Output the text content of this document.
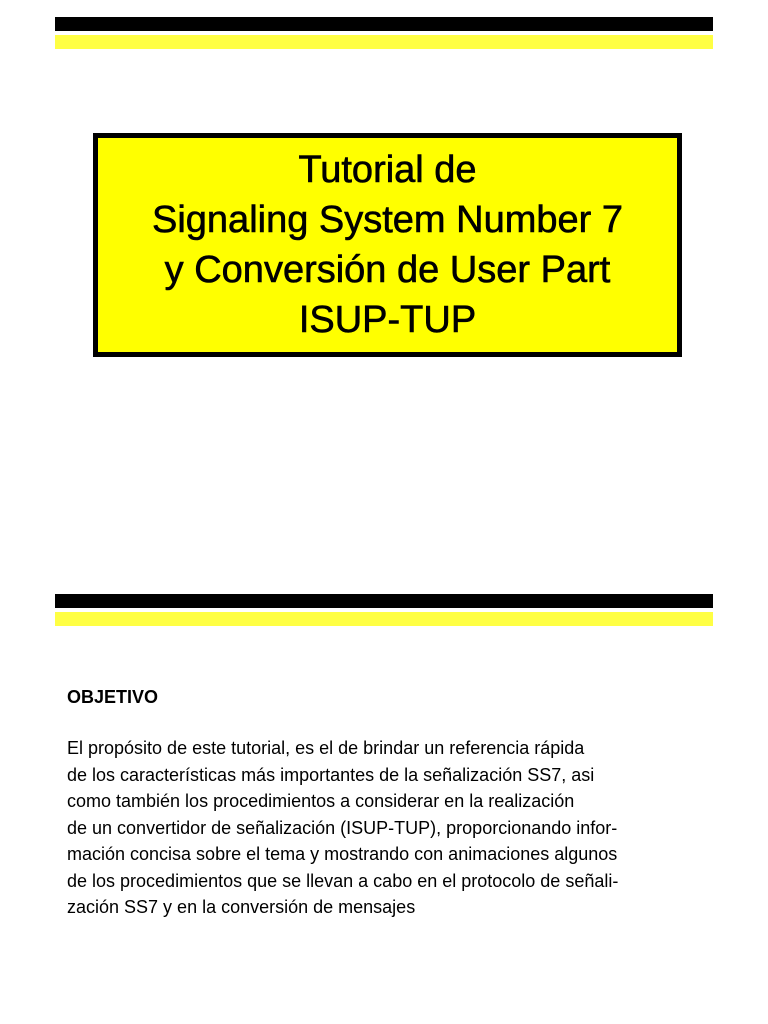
Tutorial de
Signaling System Number 7
y Conversión de User Part
ISUP-TUP
OBJETIVO
El propósito de este tutorial, es el de brindar un referencia rápida
de los características más importantes de la señalización SS7, asi
como también los procedimientos a considerar en la realización
de un convertidor de señalización (ISUP-TUP), proporcionando infor-
mación concisa sobre el tema y mostrando con animaciones algunos
de los procedimientos que se llevan a cabo en el protocolo de señali-
zación SS7 y en la conversión de mensajes
